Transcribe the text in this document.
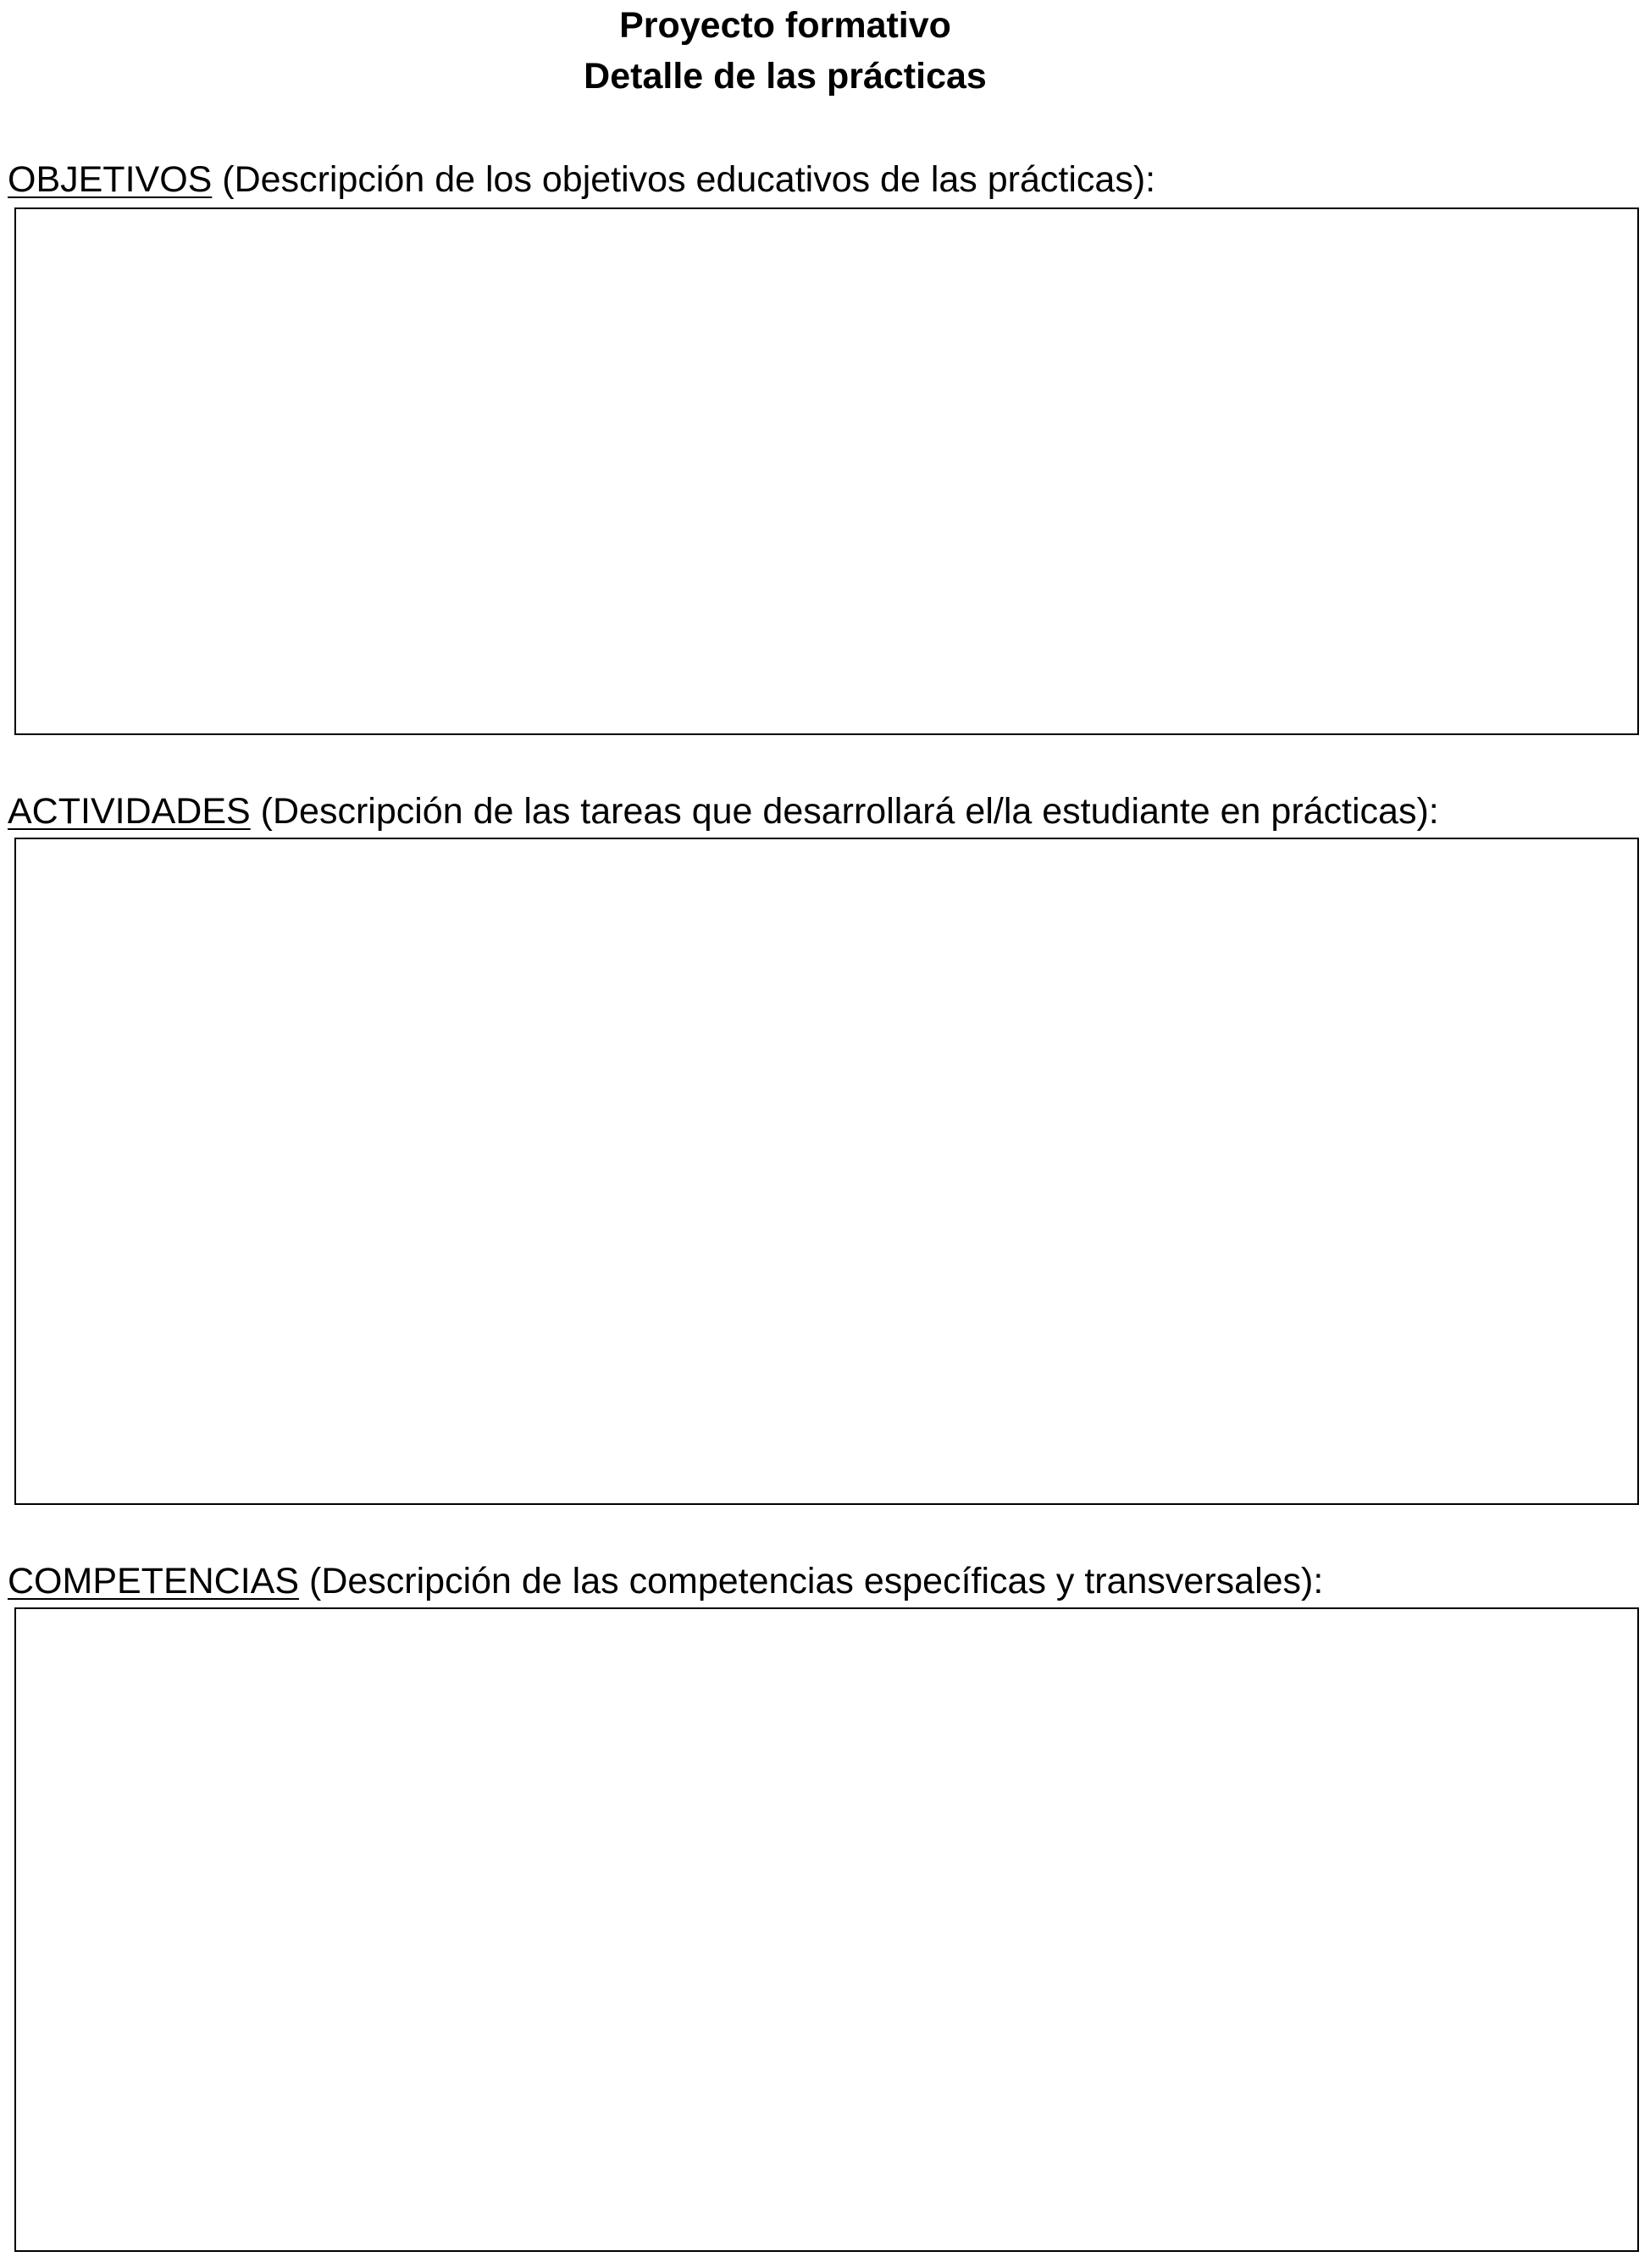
Proyecto formativo
Detalle de las prácticas
OBJETIVOS (Descripción de los objetivos educativos de las prácticas):
ACTIVIDADES (Descripción de las tareas que desarrollará el/la estudiante en prácticas):
COMPETENCIAS (Descripción de las competencias específicas y transversales):
